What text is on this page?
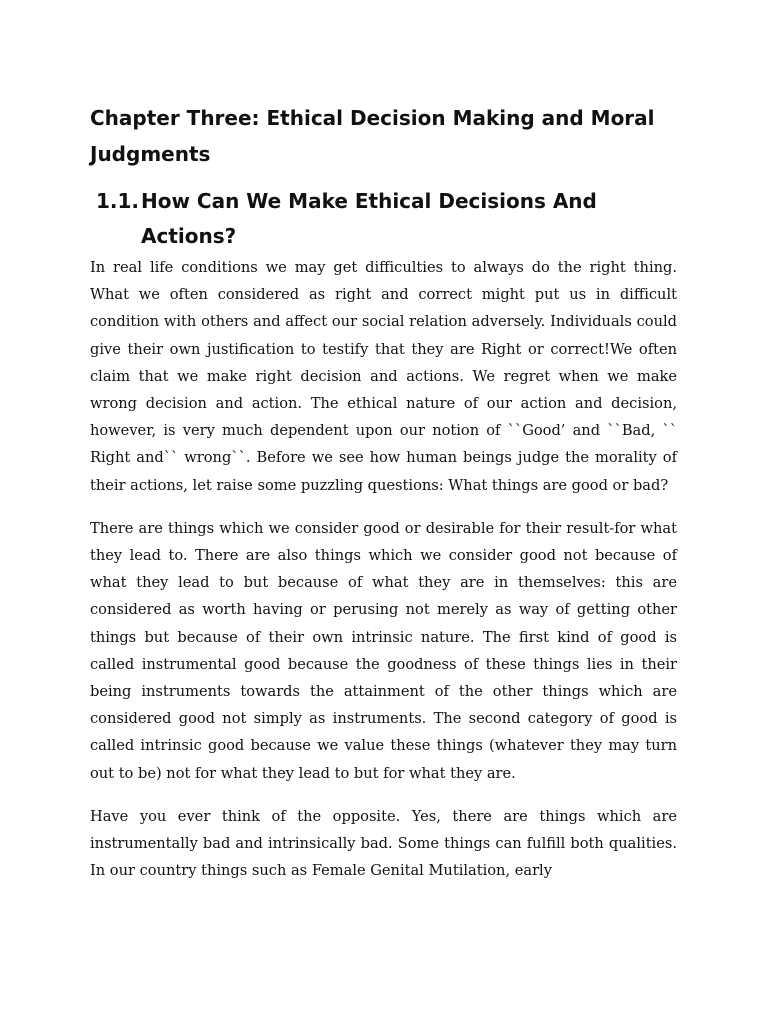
Chapter Three: Ethical Decision Making and Moral Judgments
1.1. How Can We Make Ethical Decisions And Actions?

In real life conditions we may get difficulties to always do the right thing. What we often considered as right and correct might put us in difficult condition with others and affect our social relation adversely. Individuals could give their own justification to testify that they are Right or correct!We often claim that we make right decision and actions. We regret when we make wrong decision and action. The ethical nature of our action and decision, however, is very much dependent upon our notion of ``Good’ and ``Bad, `` Right and`` wrong``. Before we see how human beings judge the morality of their actions, let raise some puzzling questions: What things are good or bad?

There are things which we consider good or desirable for their result-for what they lead to. There are also things which we consider good not because of what they lead to but because of what they are in themselves: this are considered as worth having or perusing not merely as way of getting other things but because of their own intrinsic nature. The first kind of good is called instrumental good because the goodness of these things lies in their being instruments towards the attainment of the other things which are considered good not simply as instruments. The second category of good is called intrinsic good because we value these things (whatever they may turn out to be) not for what they lead to but for what they are.

Have you ever think of the opposite. Yes, there are things which are instrumentally bad and intrinsically bad. Some things can fulfill both qualities. In our country things such as Female Genital Mutilation, early
